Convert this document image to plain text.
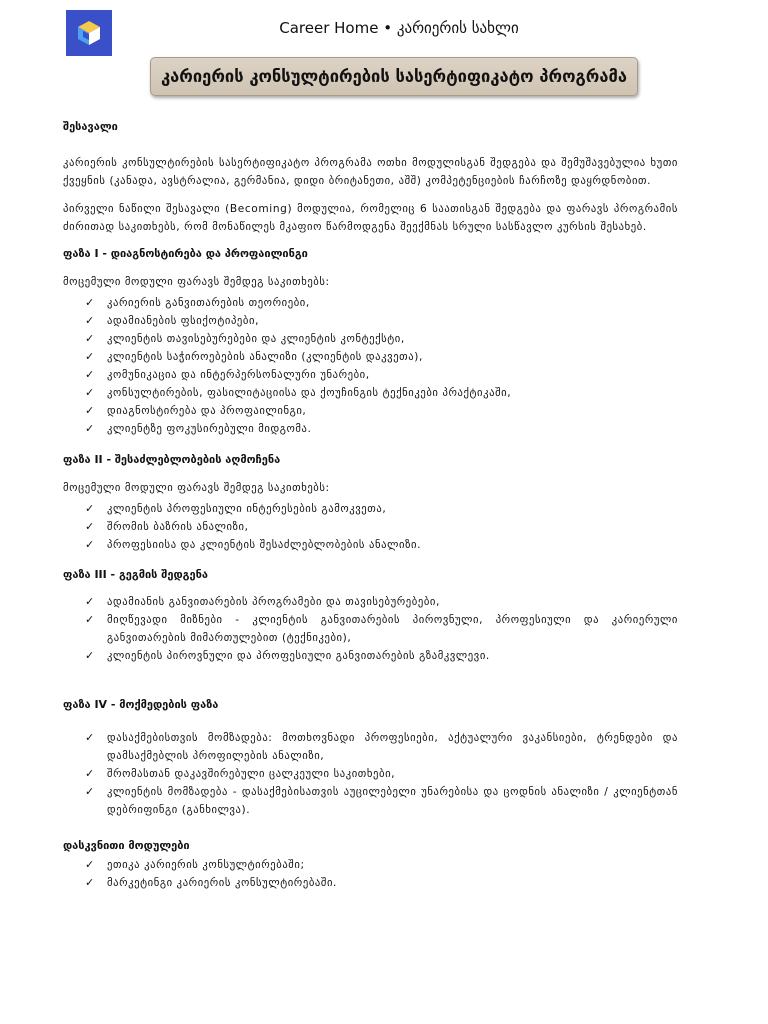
Career Home • კარიერის სახლი
კარიერის კონსულტირების სასერტიფიკატო პროგრამა

შესავალი

კარიერის კონსულტირების სასერტიფიკატო პროგრამა ოთხი მოდულისგან შედგება და შემუშავებულია ხუთი ქვეყნის (კანადა, ავსტრალია, გერმანია, დიდი ბრიტანეთი, აშშ) კომპეტენციების ჩარჩოზე დაყრდნობით.

პირველი ნაწილი შესავალი (Becoming) მოდულია, რომელიც 6 საათისგან შედგება და ფარავს პროგრამის ძირითად საკითხებს, რომ მონაწილეს მკაფიო წარმოდგენა შეექმნას სრული სასწავლო კურსის შესახებ.

ფაზა I - დიაგნოსტირება და პროფაილინგი

მოცემული მოდული ფარავს შემდეგ საკითხებს:

✓ კარიერის განვითარების თეორიები,
✓ ადამიანების ფსიქოტიპები,
✓ კლიენტის თავისებურებები და კლიენტის კონტექსტი,
✓ კლიენტის საჭიროებების ანალიზი (კლიენტის დაკვეთა),
✓ კომუნიკაცია და ინტერპერსონალური უნარები,
✓ კონსულტირების, ფასილიტაციისა და ქოუჩინგის ტექნიკები პრაქტიკაში,
✓ დიაგნოსტირება და პროფაილინგი,
✓ კლიენტზე ფოკუსირებული მიდგომა.

ფაზა II - შესაძლებლობების აღმოჩენა

მოცემული მოდული ფარავს შემდეგ საკითხებს:

✓ კლიენტის პროფესიული ინტერესების გამოკვეთა,
✓ შრომის ბაზრის ანალიზი,
✓ პროფესიისა და კლიენტის შესაძლებლობების ანალიზი.

ფაზა III - გეგმის შედგენა

✓ ადამიანის განვითარების პროგრამები და თავისებურებები,
✓ მიღწევადი მიზნები - კლიენტის განვითარების პიროვნული, პროფესიული და კარიერული განვითარების მიმართულებით (ტექნიკები),
✓ კლიენტის პიროვნული და პროფესიული განვითარების გზამკვლევი.

ფაზა IV - მოქმედების ფაზა

✓ დასაქმებისთვის მომზადება: მოთხოვნადი პროფესიები, აქტუალური ვაკანსიები, ტრენდები და დამსაქმებლის პროფილების ანალიზი,
✓ შრომასთან დაკავშირებული ცალკეული საკითხები,
✓ კლიენტის მომზადება - დასაქმებისათვის აუცილებელი უნარებისა და ცოდნის ანალიზი / კლიენტთან დებრიფინგი (განხილვა).

დასკვნითი მოდულები

✓ ეთიკა კარიერის კონსულტირებაში;
✓ მარკეტინგი კარიერის კონსულტირებაში.
